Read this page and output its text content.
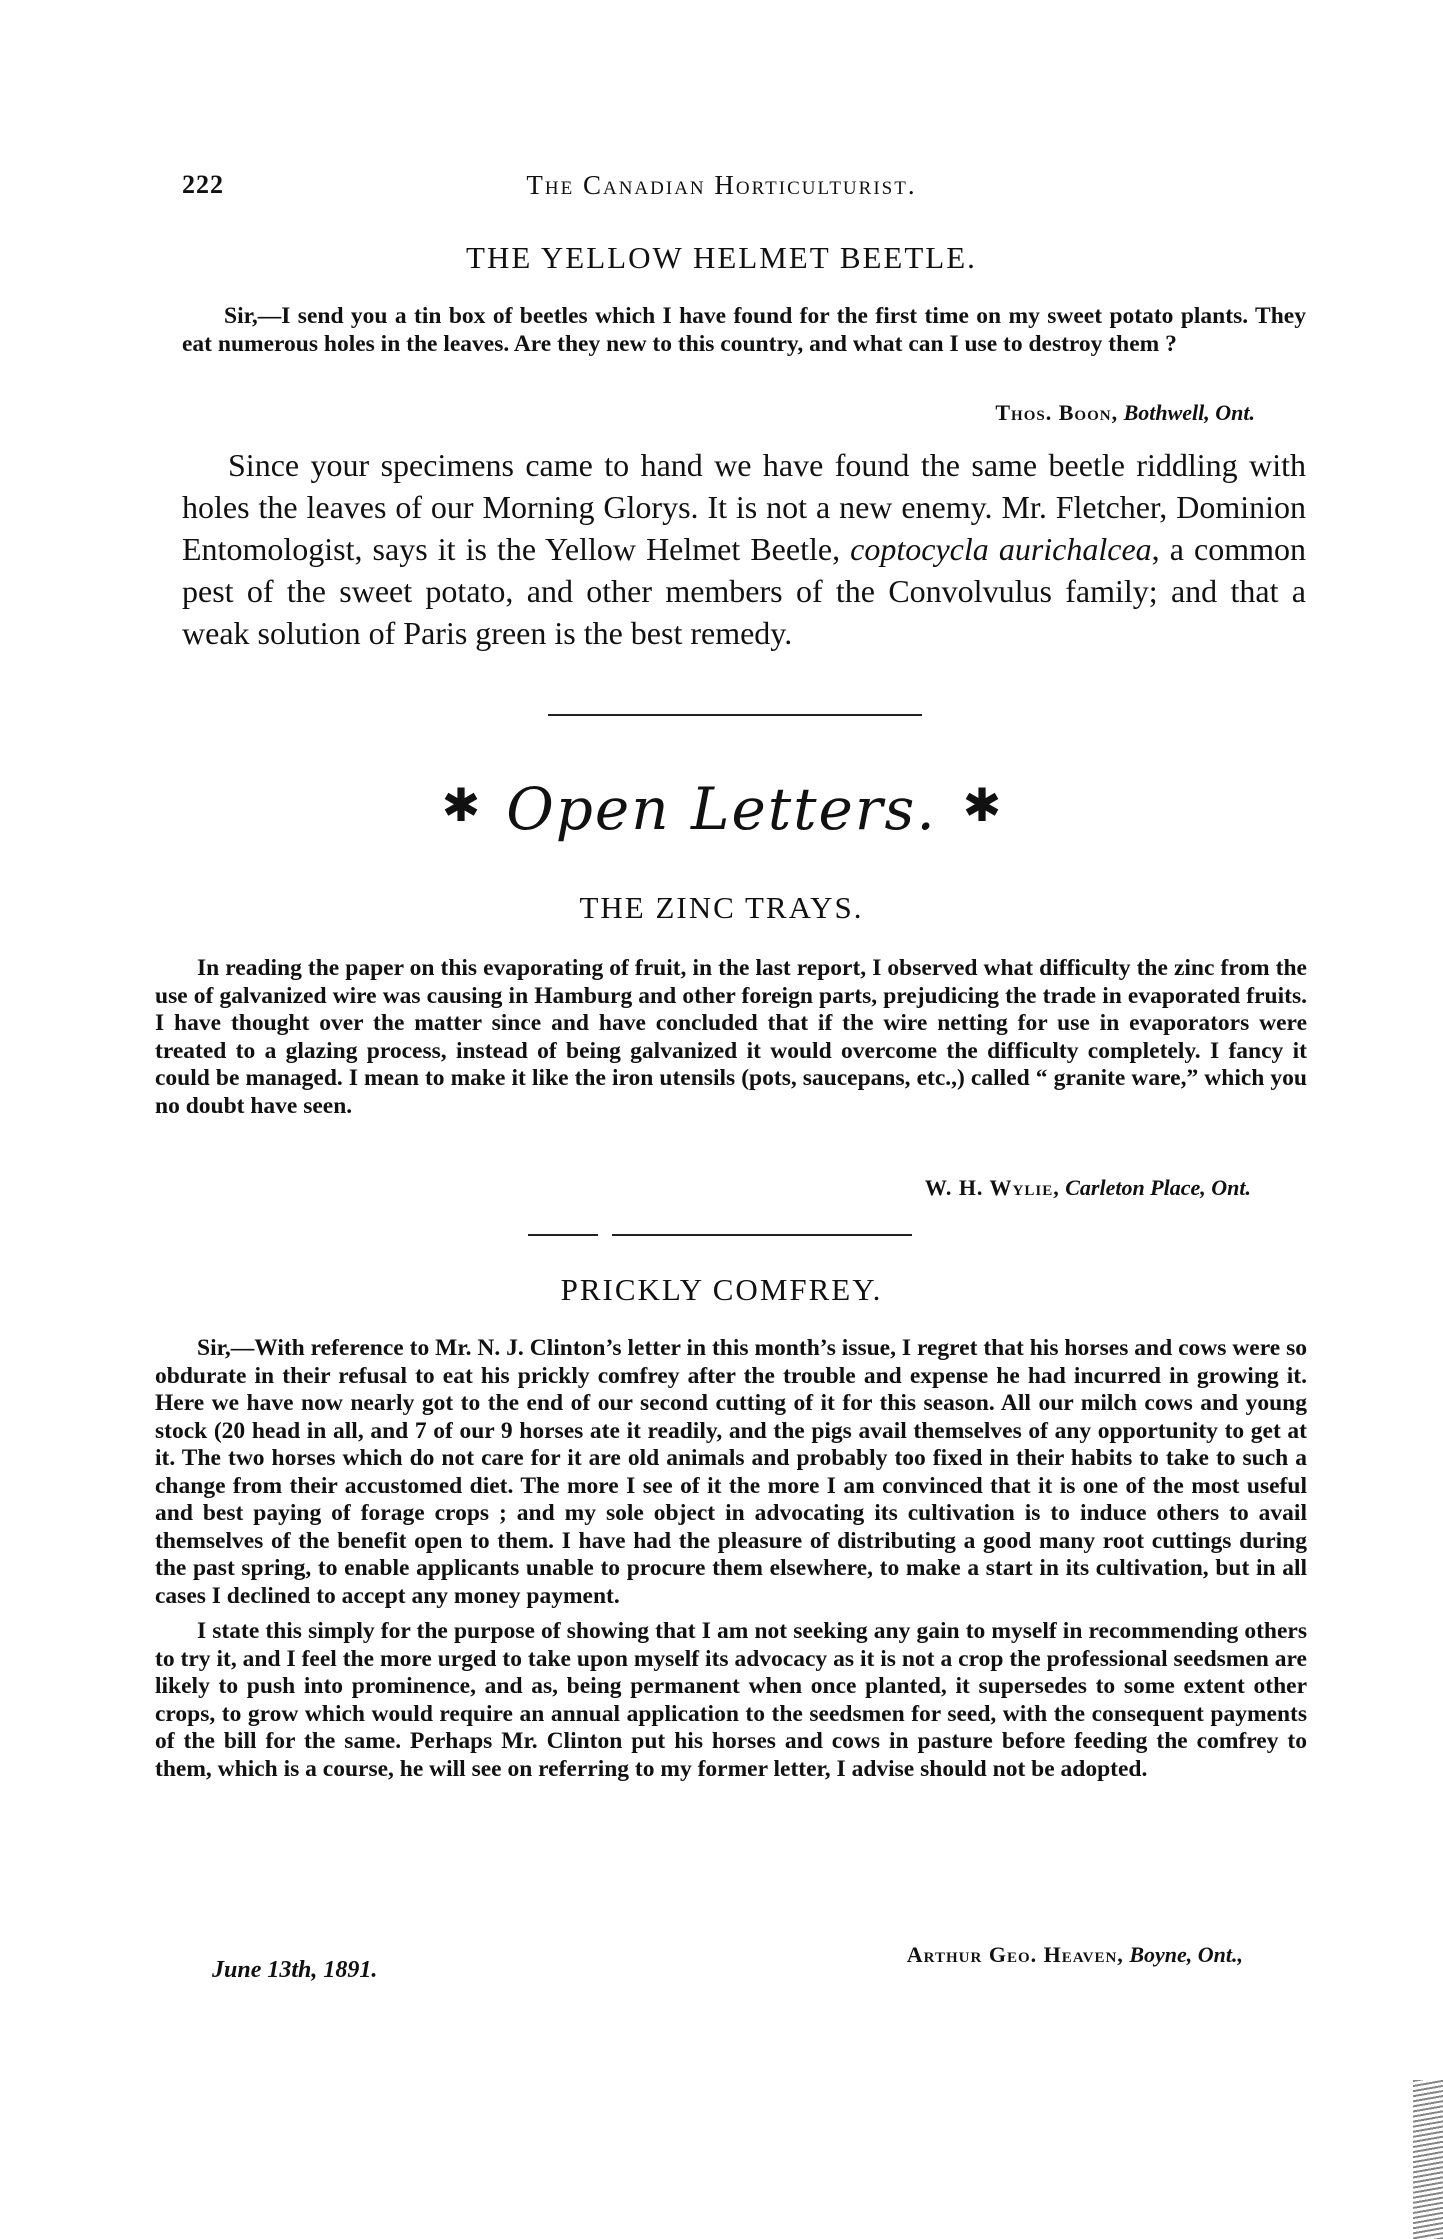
222	The Canadian Horticulturist.
THE YELLOW HELMET BEETLE.

Sir,—I send you a tin box of beetles which I have found for the first time on my sweet potato plants. They eat numerous holes in the leaves. Are they new to this country, and what can I use to destroy them ?

Thos. Boon, Bothwell, Ont.
Since your specimens came to hand we have found the same beetle riddling with holes the leaves of our Morning Glorys. It is not a new enemy. Mr. Fletcher, Dominion Entomologist, says it is the Yellow Helmet Beetle, coptocycla aurichalcea, a common pest of the sweet potato, and other members of the Convolvulus family; and that a weak solution of Paris green is the best remedy.
✱ Open Letters. ✱
THE ZINC TRAYS.

In reading the paper on this evaporating of fruit, in the last report, I observed what difficulty the zinc from the use of galvanized wire was causing in Hamburg and other foreign parts, prejudicing the trade in evaporated fruits. I have thought over the matter since and have concluded that if the wire netting for use in evaporators were treated to a glazing process, instead of being galvanized it would overcome the difficulty completely. I fancy it could be managed. I mean to make it like the iron utensils (pots, saucepans, etc.,) called “ granite ware,” which you no doubt have seen.

W. H. Wylie, Carleton Place, Ont.
PRICKLY COMFREY.

Sir,—With reference to Mr. N. J. Clinton’s letter in this month’s issue, I regret that his horses and cows were so obdurate in their refusal to eat his prickly comfrey after the trouble and expense he had incurred in growing it. Here we have now nearly got to the end of our second cutting of it for this season. All our milch cows and young stock (20 head in all, and 7 of our 9 horses ate it readily, and the pigs avail themselves of any opportunity to get at it. The two horses which do not care for it are old animals and probably too fixed in their habits to take to such a change from their accustomed diet. The more I see of it the more I am convinced that it is one of the most useful and best paying of forage crops ; and my sole object in advocating its cultivation is to induce others to avail themselves of the benefit open to them. I have had the pleasure of distributing a good many root cuttings during the past spring, to enable applicants unable to procure them elsewhere, to make a start in its cultivation, but in all cases I declined to accept any money payment.

I state this simply for the purpose of showing that I am not seeking any gain to myself in recommending others to try it, and I feel the more urged to take upon myself its advocacy as it is not a crop the professional seedsmen are likely to push into prominence, and as, being permanent when once planted, it supersedes to some extent other crops, to grow which would require an annual application to the seedsmen for seed, with the consequent payments of the bill for the same. Perhaps Mr. Clinton put his horses and cows in pasture before feeding the comfrey to them, which is a course, he will see on referring to my former letter, I advise should not be adopted.

June 13th, 1891.
Arthur Geo. Heaven, Boyne, Ont.,
